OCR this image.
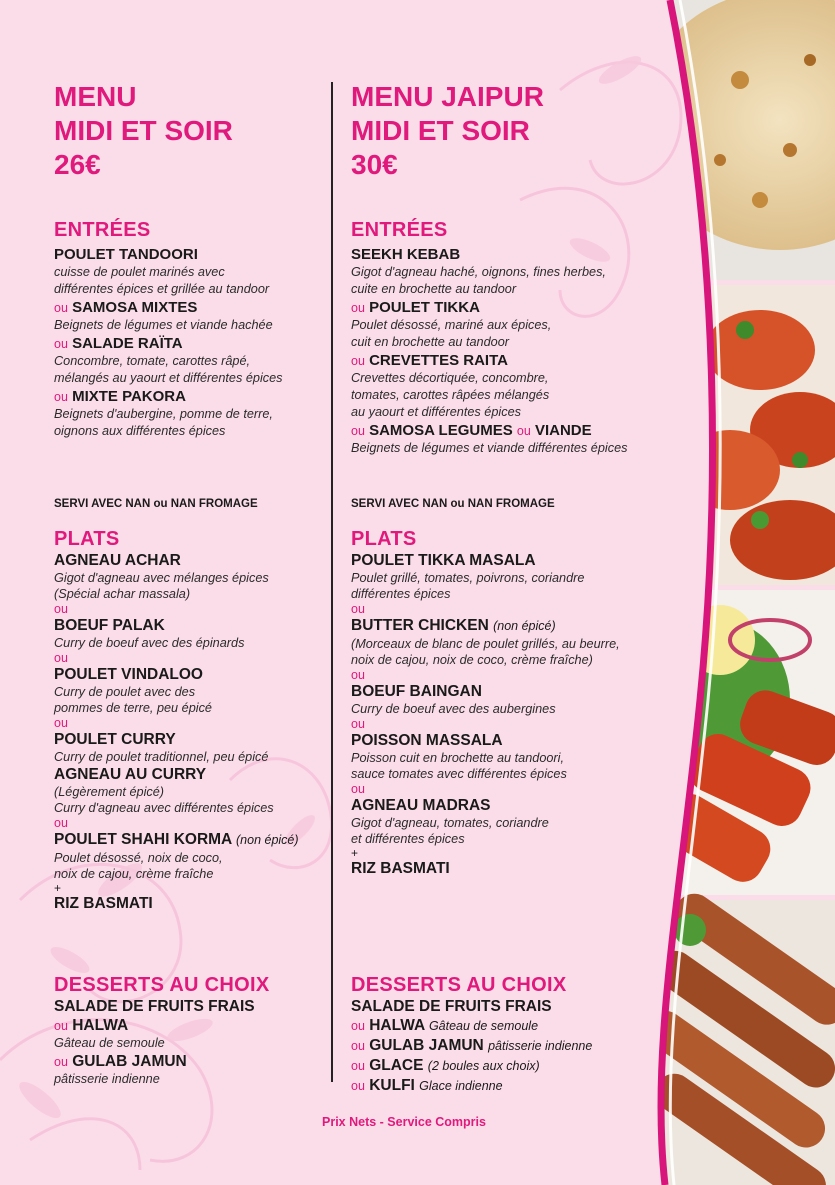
MENU
MIDI ET SOIR
26€
ENTRÉES
POULET TANDOORI
cuisse de poulet marinés avec
différentes épices et grillée au tandoor
ou SAMOSA MIXTES
Beignets de légumes et viande hachée
ou SALADE RAÏTA
Concombre, tomate, carottes râpé,
mélangés au yaourt et différentes épices
ou MIXTE PAKORA
Beignets d'aubergine, pomme de terre,
oignons aux différentes épices
SERVI AVEC NAN ou NAN FROMAGE
PLATS
AGNEAU ACHAR
Gigot d'agneau avec mélanges épices
(Spécial achar massala)
ou
BOEUF PALAK
Curry de boeuf avec des épinards
ou
POULET VINDALOO
Curry de poulet avec des
pommes de terre, peu épicé
ou
POULET CURRY
Curry de poulet traditionnel, peu épicé
AGNEAU AU CURRY
(Légèrement épicé)
Curry d'agneau avec différentes épices
ou
POULET SHAHI KORMA (non épicé)
Poulet désossé, noix de coco,
noix de cajou, crème fraîche
+
RIZ BASMATI
DESSERTS AU CHOIX
SALADE DE FRUITS FRAIS
ou HALWA
Gâteau de semoule
ou GULAB JAMUN
pâtisserie indienne
MENU JAIPUR
MIDI ET SOIR
30€
ENTRÉES
SEEKH KEBAB
Gigot d'agneau haché, oignons, fines herbes,
cuite en brochette au tandoor
ou POULET TIKKA
Poulet désossé, mariné aux épices,
cuit en brochette au tandoor
ou CREVETTES RAITA
Crevettes décortiquée, concombre,
tomates, carottes râpées mélangés
au yaourt et différentes épices
ou SAMOSA LEGUMES ou VIANDE
Beignets de légumes et viande différentes épices
SERVI AVEC NAN ou NAN FROMAGE
PLATS
POULET TIKKA MASALA
Poulet grillé, tomates, poivrons, coriandre
différentes épices
ou
BUTTER CHICKEN (non épicé)
(Morceaux de blanc de poulet grillés, au beurre,
noix de cajou, noix de coco, crème fraîche)
ou
BOEUF BAINGAN
Curry de boeuf avec des aubergines
ou
POISSON MASSALA
Poisson cuit en brochette au tandoori,
sauce tomates avec différentes épices
ou
AGNEAU MADRAS
Gigot d'agneau, tomates, coriandre
et différentes épices
+
RIZ BASMATI
DESSERTS AU CHOIX
SALADE DE FRUITS FRAIS
ou HALWA Gâteau de semoule
ou GULAB JAMUN pâtisserie indienne
ou GLACE (2 boules aux choix)
ou KULFI Glace indienne
Prix Nets - Service Compris
